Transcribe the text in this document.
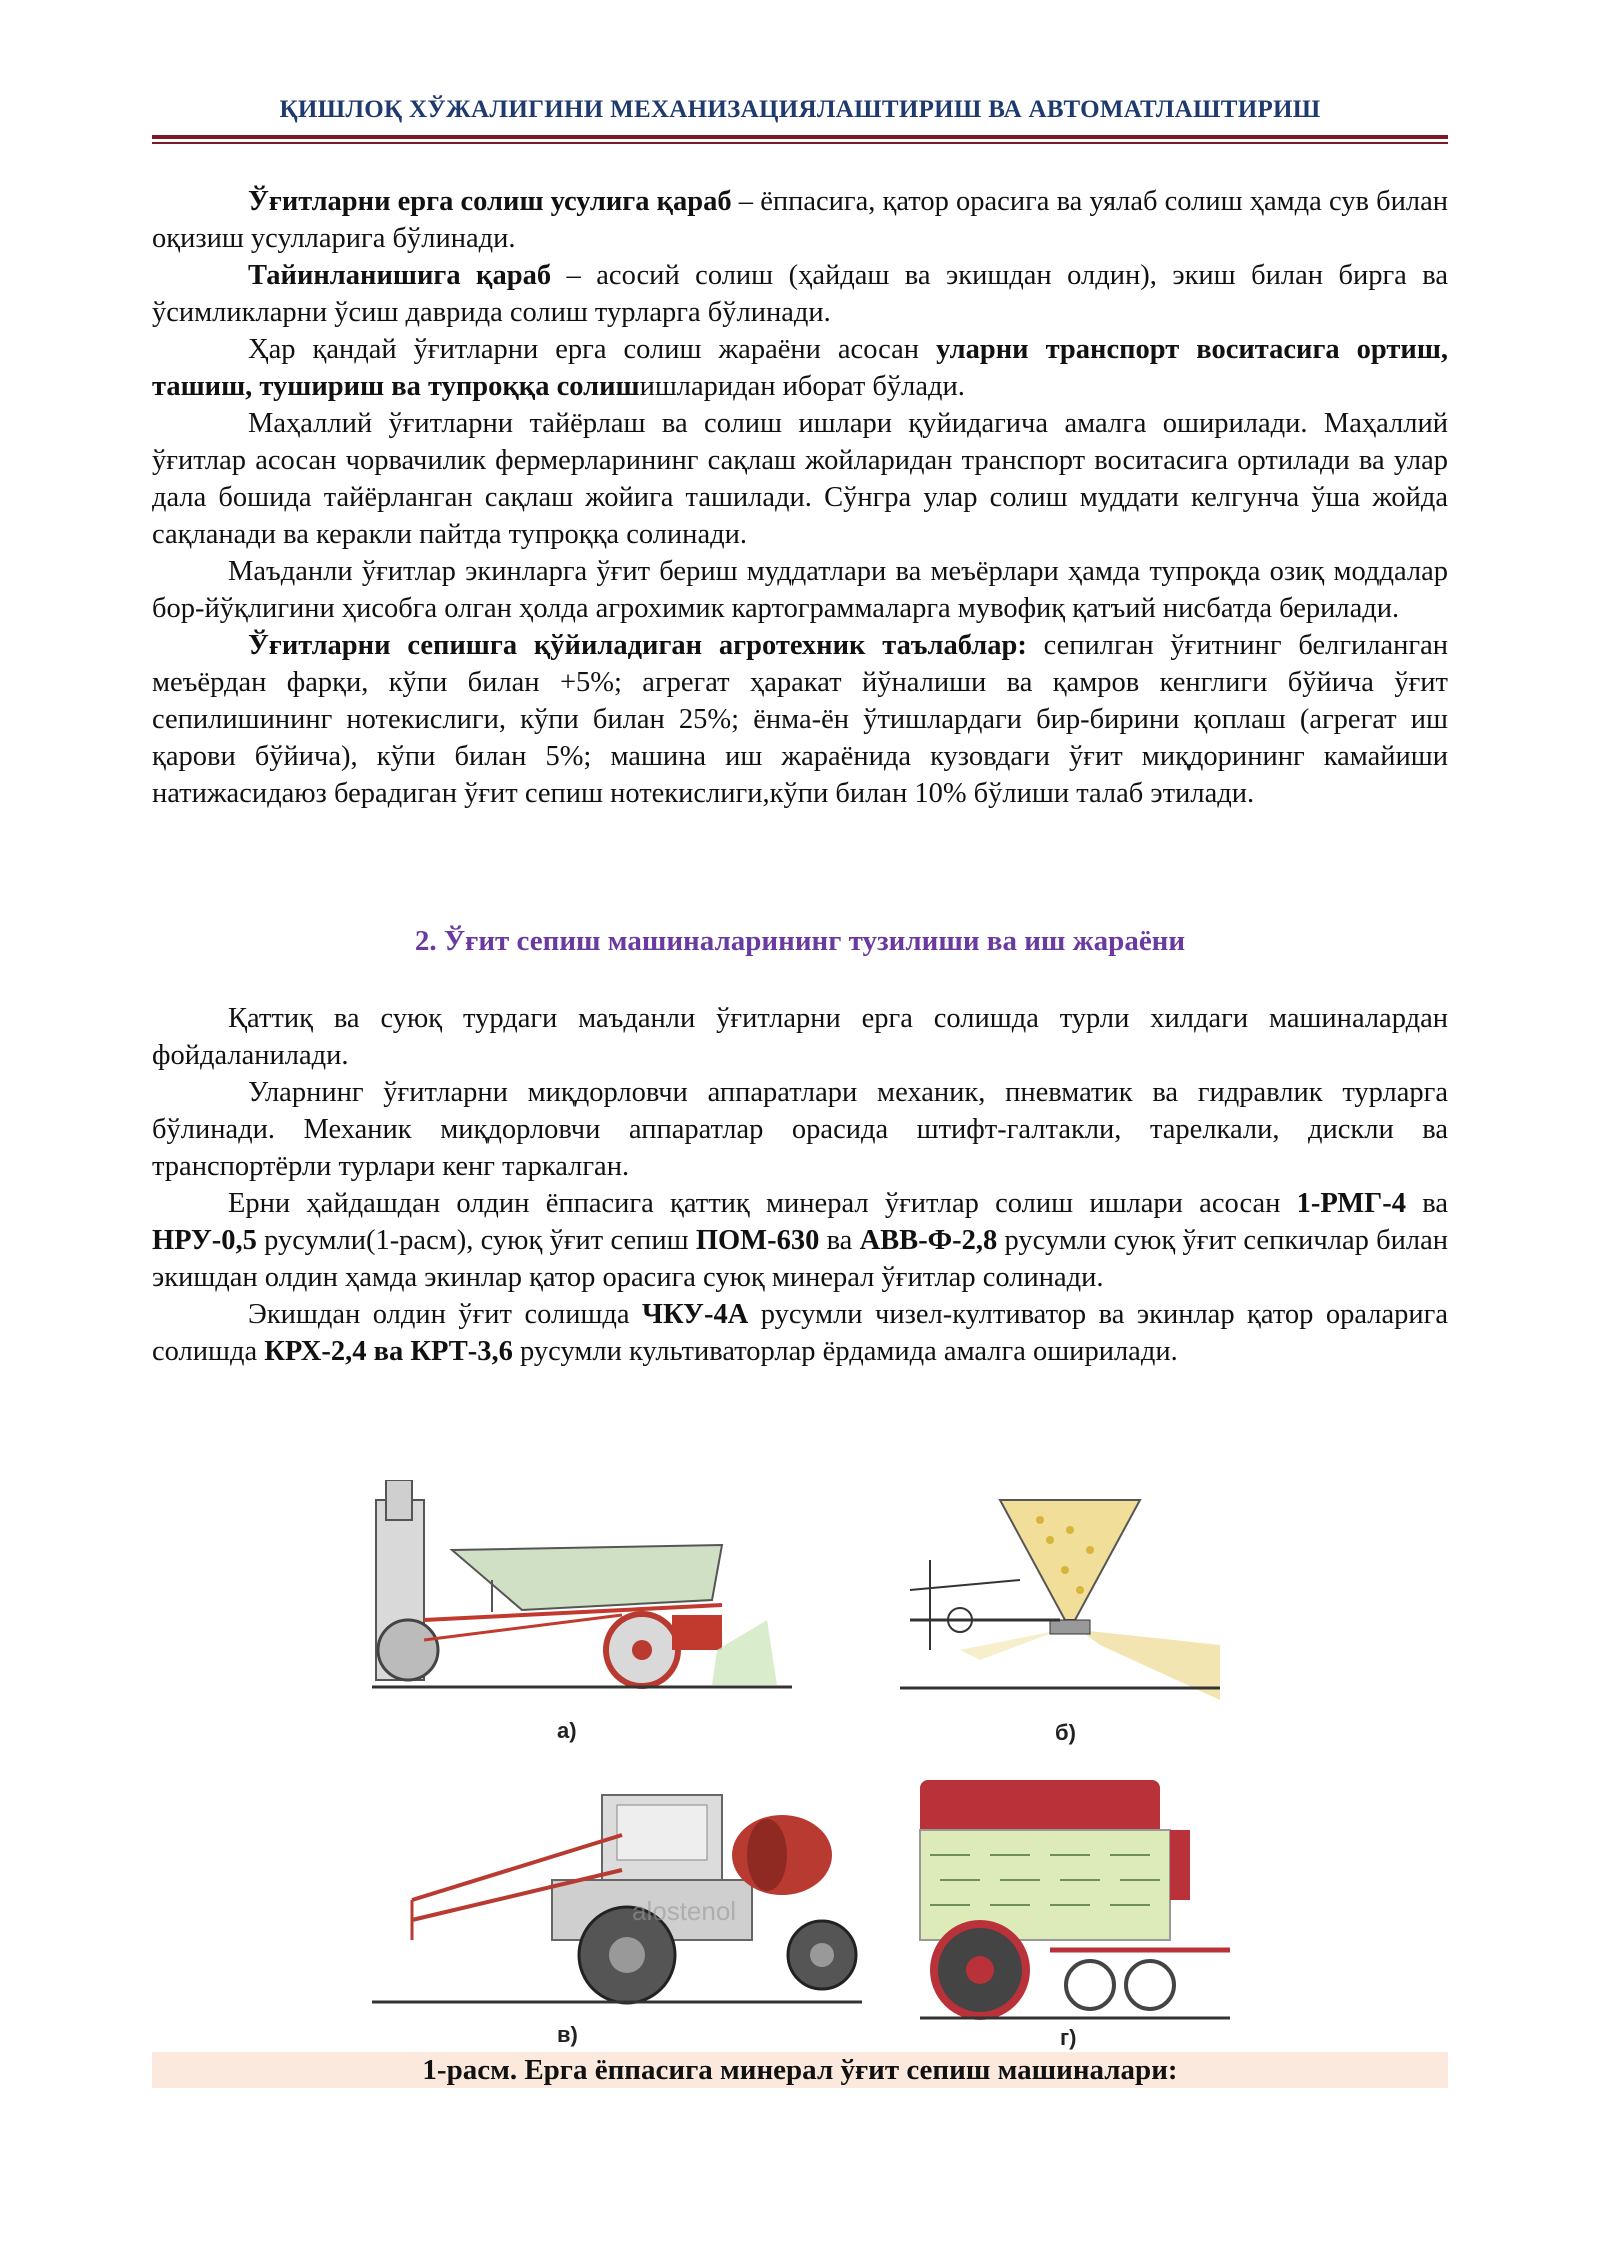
ҚИШЛОҚ ХЎЖАЛИГИНИ МЕХАНИЗАЦИЯЛАШТИРИШ ВА АВТОМАТЛАШТИРИШ

Ўғитларни ерга солиш усулига қараб – ёппасига, қатор орасига ва уялаб солиш ҳамда сув билан оқизиш усулларига бўлинади.

Тайинланишига қараб – асосий солиш (ҳайдаш ва экишдан олдин), экиш билан бирга ва ўсимликларни ўсиш даврида солиш турларга бўлинади.

Ҳар қандай ўғитларни ерга солиш жараёни асосан уларни транспорт воситасига ортиш, ташиш, тушириш ва тупроққа солишишларидан иборат бўлади.

Маҳаллий ўғитларни тайёрлаш ва солиш ишлари қуйидагича амалга оширилади. Маҳаллий ўғитлар асосан чорвачилик фермерларининг сақлаш жойларидан транспорт воситасига ортилади ва улар дала бошида тайёрланган сақлаш жойига ташилади. Сўнгра улар солиш муддати келгунча ўша жойда сақланади ва керакли пайтда тупроққа солинади.

Маъданли ўғитлар экинларга ўғит бериш муддатлари ва меъёрлари ҳамда тупроқда озиқ моддалар бор-йўқлигини ҳисобга олган ҳолда агрохимик картограммаларга мувофиқ қатъий нисбатда берилади.

Ўғитларни сепишга қўйиладиган агротехник таълаблар: сепилган ўғитнинг белгиланган меъёрдан фарқи, кўпи билан +5%; агрегат ҳаракат йўналиши ва қамров кенглиги бўйича ўғит сепилишининг нотекислиги, кўпи билан 25%; ёнма-ён ўтишлардаги бир-бирини қоплаш (агрегат иш қарови бўйича), кўпи билан 5%; машина иш жараёнида кузовдаги ўғит миқдорининг камайиши натижасидаюз берадиган ўғит сепиш нотекислиги,кўпи билан 10% бўлиши талаб этилади.

2. Ўғит сепиш машиналарининг тузилиши ва иш жараёни

Қаттиқ ва суюқ турдаги маъданли ўғитларни ерга солишда турли хилдаги машиналардан фойдаланилади.

Уларнинг ўғитларни миқдорловчи аппаратлари механик, пневматик ва гидравлик турларга бўлинади. Механик миқдорловчи аппаратлар орасида штифт-галтакли, тарелкали, дискли ва транспортёрли турлари кенг таркалган.

Ерни ҳайдашдан олдин ёппасига қаттиқ минерал ўғитлар солиш ишлари асосан 1-РМГ-4 ва НРУ-0,5 русумли(1-расм), суюқ ўғит сепиш ПОМ-630 ва АВВ-Ф-2,8 русумли суюқ ўғит сепкичлар билан экишдан олдин ҳамда экинлар қатор орасига суюқ минерал ўғитлар солинади.

Экишдан олдин ўғит солишда ЧКУ-4А русумли чизел-култиватор ва экинлар қатор ораларига солишда КРХ-2,4 ва КРТ-3,6 русумли культиваторлар ёрдамида амалга оширилади.

а)	б)
alostenol
в)	г)
1-расм. Ерга ёппасига минерал ўғит сепиш машиналари:
